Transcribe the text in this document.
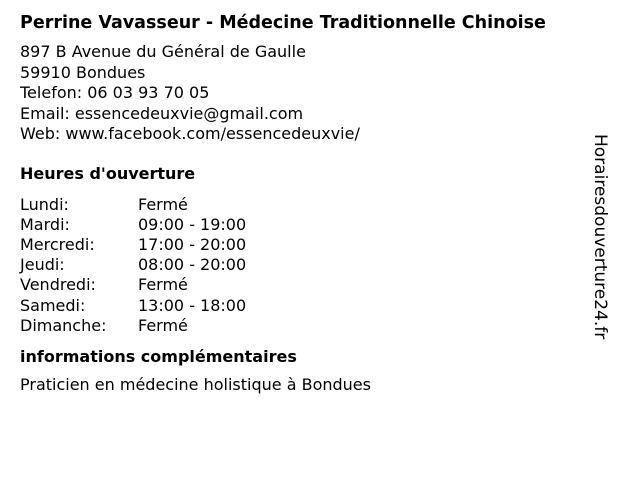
Perrine Vavasseur - Médecine Traditionnelle Chinoise
897 B Avenue du Général de Gaulle
59910 Bondues
Telefon: 06 03 93 70 05
Email: essencedeuxvie@gmail.com
Web: www.facebook.com/essencedeuxvie/
Heures d'ouverture
Lundi:	Fermé
Mardi:	09:00 - 19:00
Mercredi:	17:00 - 20:00
Jeudi:	08:00 - 20:00
Vendredi:	Fermé
Samedi:	13:00 - 18:00
Dimanche:	Fermé
informations complémentaires
Praticien en médecine holistique à Bondues
Horairesdouverture24.fr
